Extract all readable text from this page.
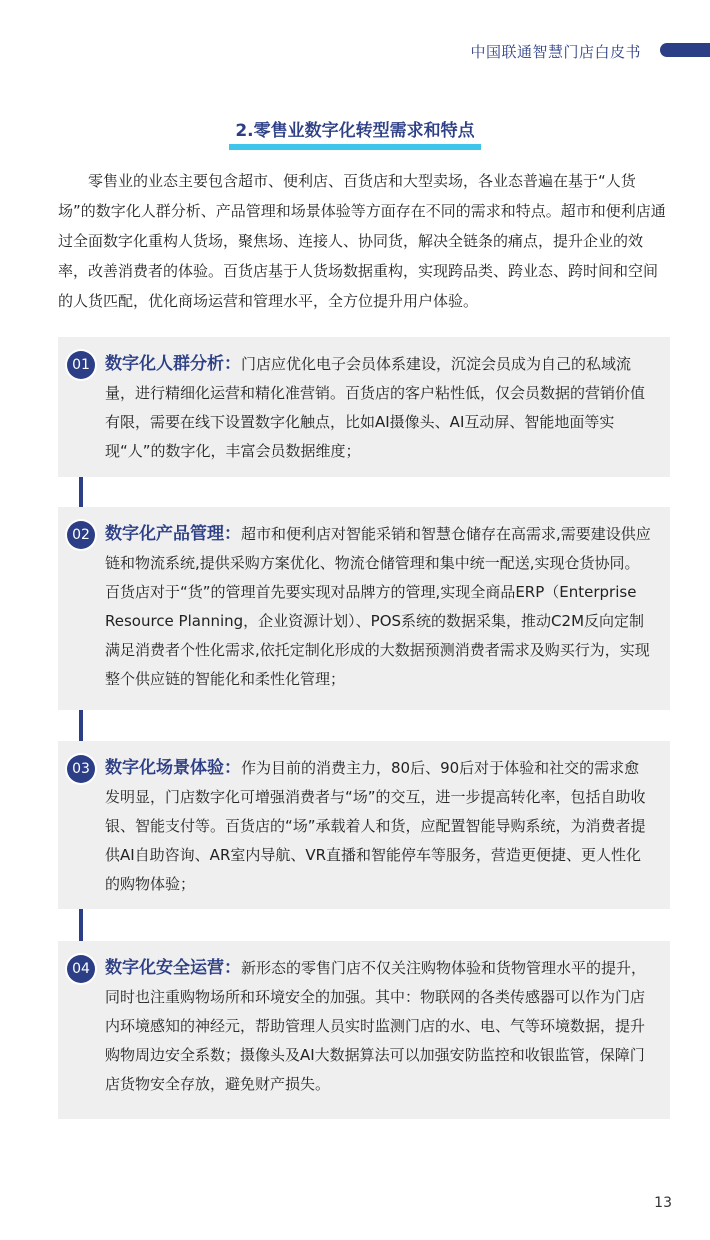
中国联通智慧门店白皮书
2.零售业数字化转型需求和特点

零售业的业态主要包含超市、便利店、百货店和大型卖场，各业态普遍在基于“人货场”的数字化人群分析、产品管理和场景体验等方面存在不同的需求和特点。超市和便利店通过全面数字化重构人货场，聚焦场、连接人、协同货，解决全链条的痛点，提升企业的效率，改善消费者的体验。百货店基于人货场数据重构，实现跨品类、跨业态、跨时间和空间的人货匹配，优化商场运营和管理水平，全方位提升用户体验。

01 数字化人群分析：门店应优化电子会员体系建设，沉淀会员成为自己的私域流量，进行精细化运营和精化准营销。百货店的客户粘性低，仅会员数据的营销价值有限，需要在线下设置数字化触点，比如AI摄像头、AI互动屏、智能地面等实现“人”的数字化，丰富会员数据维度；
02 数字化产品管理：超市和便利店对智能采销和智慧仓储存在高需求,需要建设供应链和物流系统,提供采购方案优化、物流仓储管理和集中统一配送,实现仓货协同。百货店对于“货”的管理首先要实现对品牌方的管理,实现全商品ERP（Enterprise Resource Planning，企业资源计划）、POS系统的数据采集，推动C2M反向定制满足消费者个性化需求,依托定制化形成的大数据预测消费者需求及购买行为，实现整个供应链的智能化和柔性化管理；
03 数字化场景体验：作为目前的消费主力，80后、90后对于体验和社交的需求愈发明显，门店数字化可增强消费者与“场”的交互，进一步提高转化率，包括自助收银、智能支付等。百货店的“场”承载着人和货，应配置智能导购系统，为消费者提供AI自助咨询、AR室内导航、VR直播和智能停车等服务，营造更便捷、更人性化的购物体验；
04 数字化安全运营：新形态的零售门店不仅关注购物体验和货物管理水平的提升，同时也注重购物场所和环境安全的加强。其中：物联网的各类传感器可以作为门店内环境感知的神经元，帮助管理人员实时监测门店的水、电、气等环境数据，提升购物周边安全系数；摄像头及AI大数据算法可以加强安防监控和收银监管，保障门店货物安全存放，避免财产损失。
13
